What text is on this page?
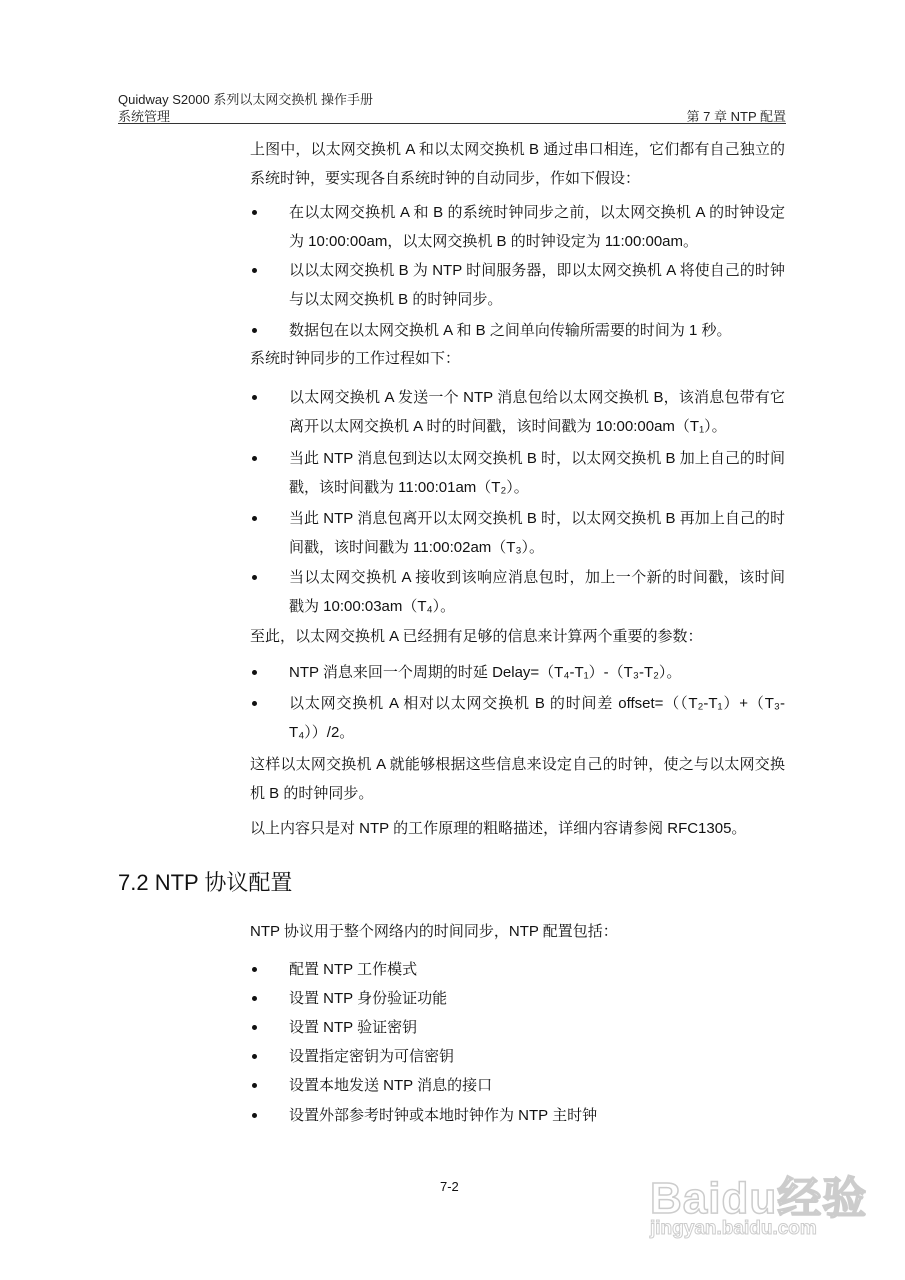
Quidway S2000 系列以太网交换机 操作手册
系统管理	第 7 章 NTP 配置
上图中，以太网交换机 A 和以太网交换机 B 通过串口相连，它们都有自己独立的系统时钟，要实现各自系统时钟的自动同步，作如下假设：
在以太网交换机 A 和 B 的系统时钟同步之前，以太网交换机 A 的时钟设定为 10:00:00am，以太网交换机 B 的时钟设定为 11:00:00am。
以以太网交换机 B 为 NTP 时间服务器，即以太网交换机 A 将使自己的时钟与以太网交换机 B 的时钟同步。
数据包在以太网交换机 A 和 B 之间单向传输所需要的时间为 1 秒。
系统时钟同步的工作过程如下：
以太网交换机 A 发送一个 NTP 消息包给以太网交换机 B，该消息包带有它离开以太网交换机 A 时的时间戳，该时间戳为 10:00:00am（T₁）。
当此 NTP 消息包到达以太网交换机 B 时，以太网交换机 B 加上自己的时间戳，该时间戳为 11:00:01am（T₂）。
当此 NTP 消息包离开以太网交换机 B 时，以太网交换机 B 再加上自己的时间戳，该时间戳为 11:00:02am（T₃）。
当以太网交换机 A 接收到该响应消息包时，加上一个新的时间戳，该时间戳为 10:00:03am（T₄）。
至此，以太网交换机 A 已经拥有足够的信息来计算两个重要的参数：
NTP 消息来回一个周期的时延 Delay=（T₄-T₁）-（T₃-T₂）。
以太网交换机 A 相对以太网交换机 B 的时间差 offset=（（T₂-T₁）+（T₃-T₄））/2。
这样以太网交换机 A 就能够根据这些信息来设定自己的时钟，使之与以太网交换机 B 的时钟同步。
以上内容只是对 NTP 的工作原理的粗略描述，详细内容请参阅 RFC1305。
7.2 NTP 协议配置
NTP 协议用于整个网络内的时间同步，NTP 配置包括：
配置 NTP 工作模式
设置 NTP 身份验证功能
设置 NTP 验证密钥
设置指定密钥为可信密钥
设置本地发送 NTP 消息的接口
设置外部参考时钟或本地时钟作为 NTP 主时钟
7-2	Baidu经验
jingyan.baidu.com
